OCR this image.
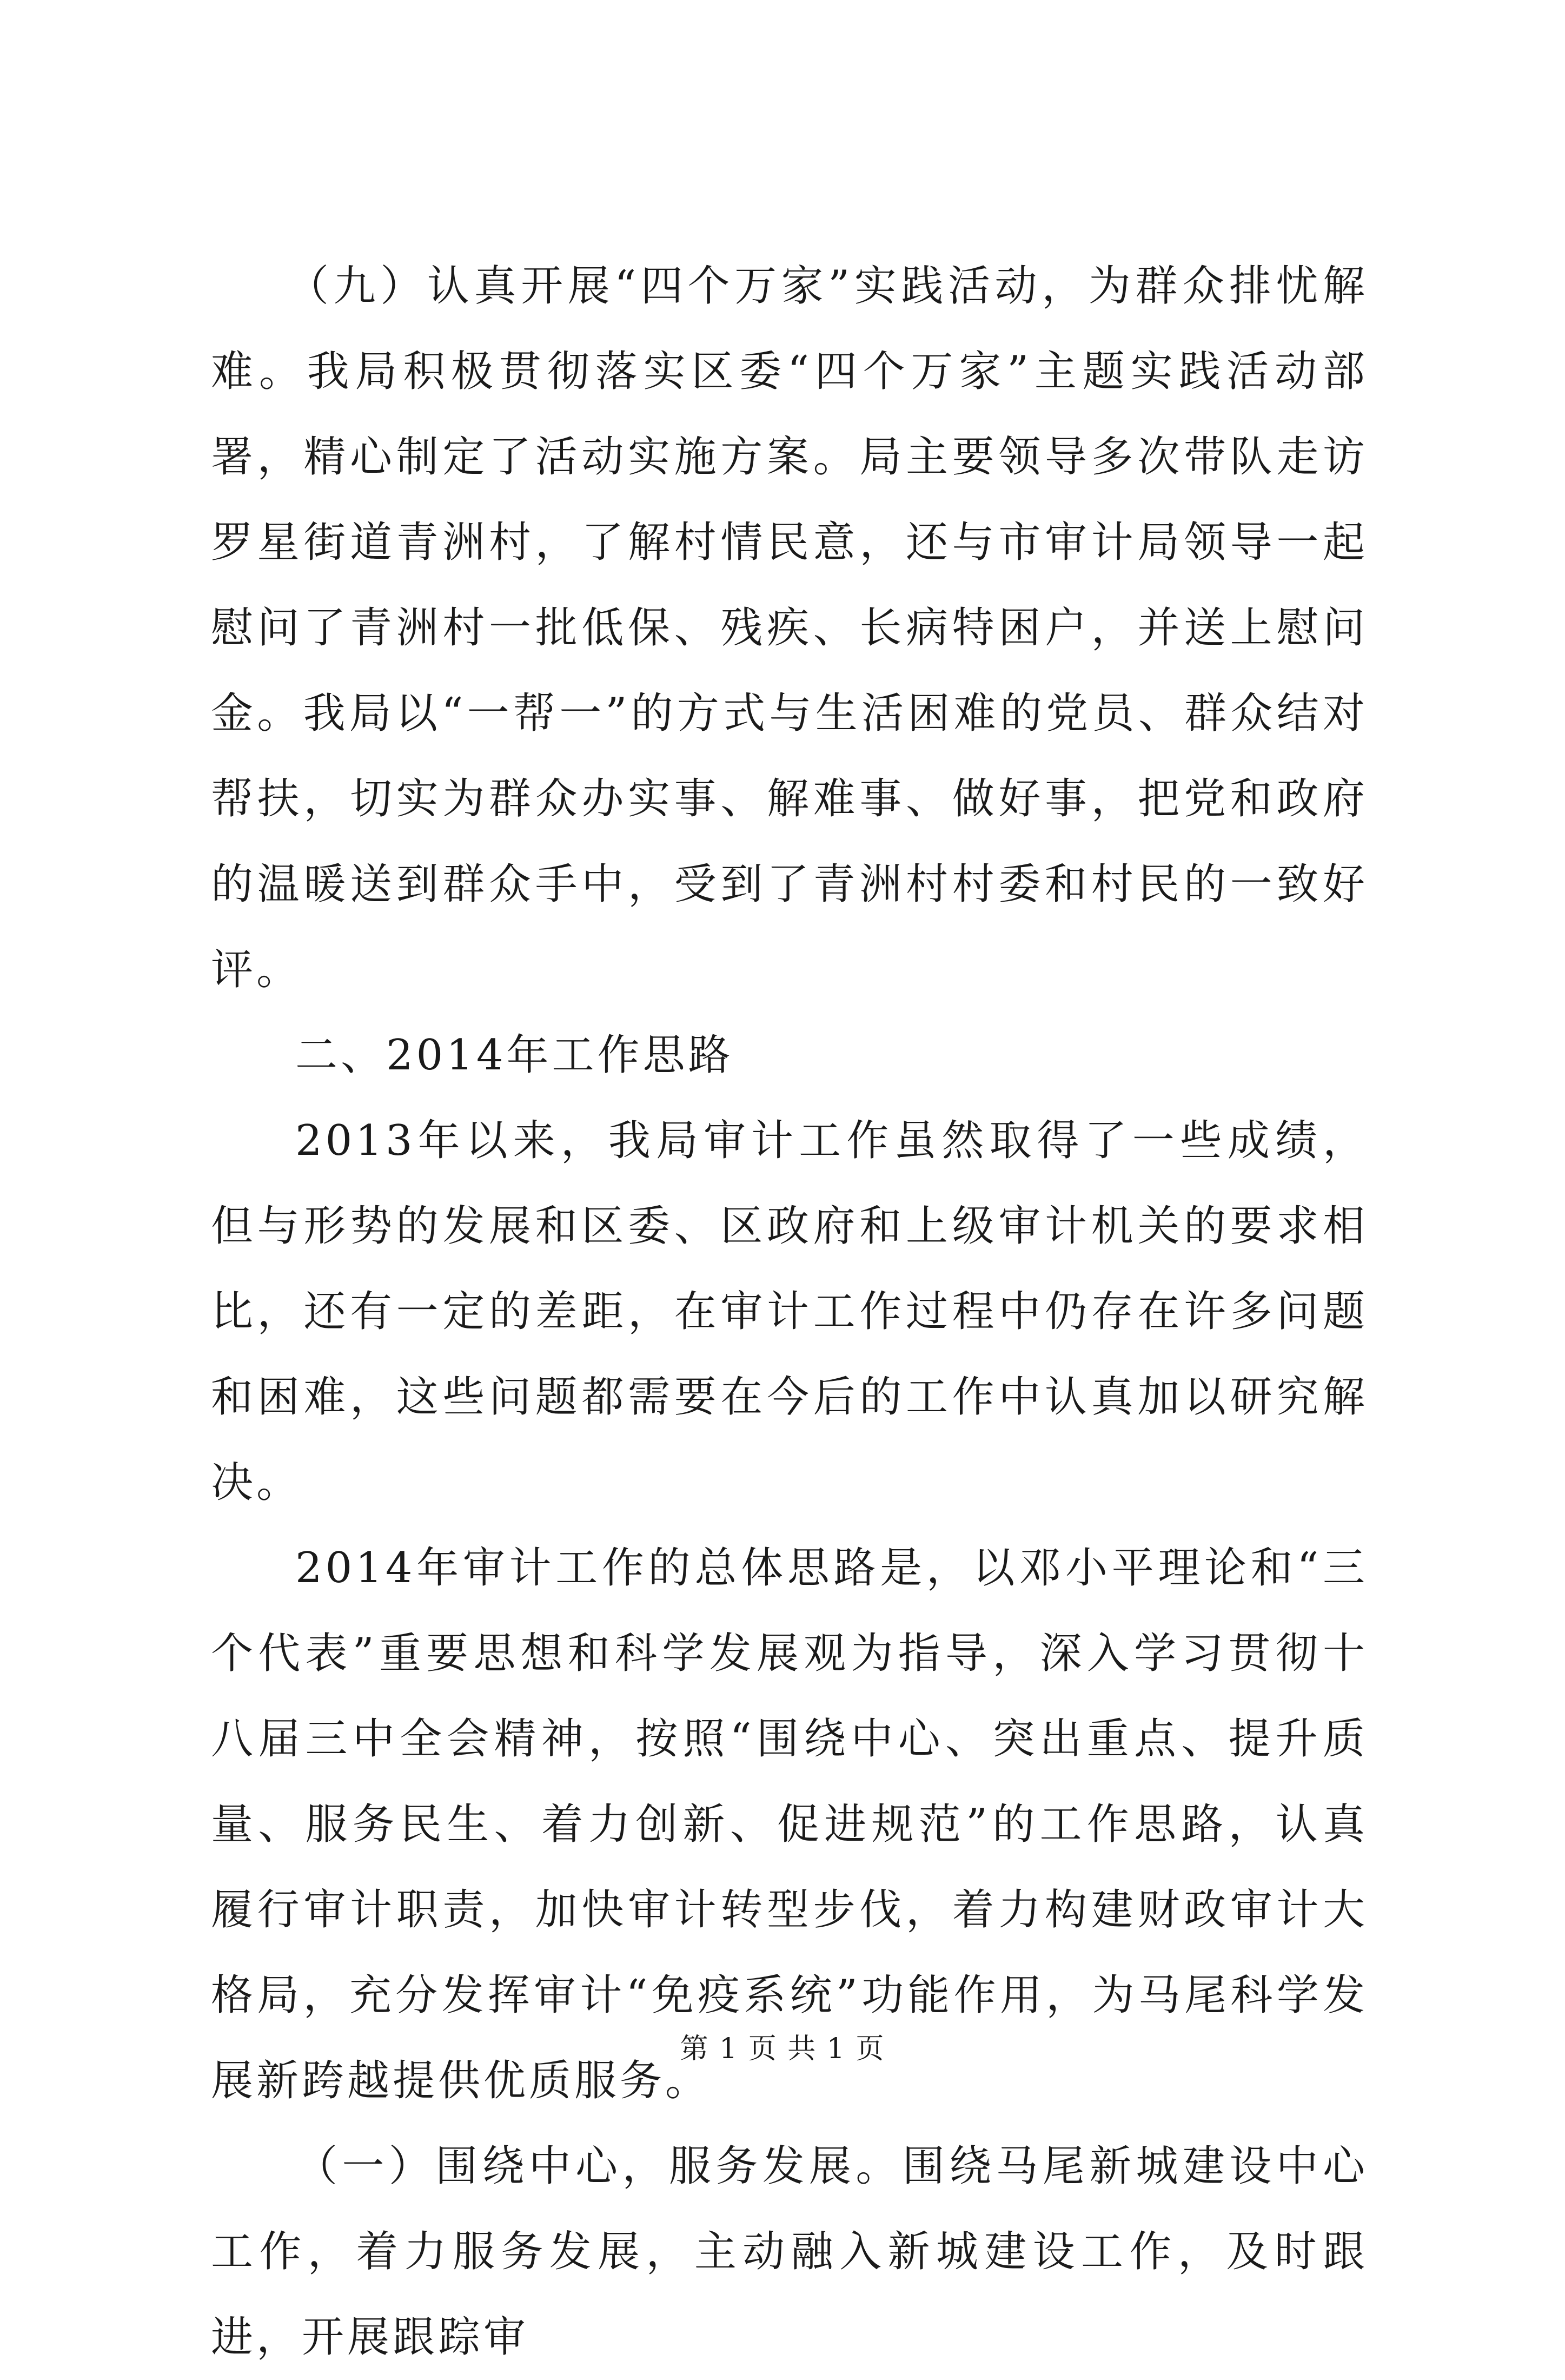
（九）认真开展“四个万家”实践活动，为群众排忧解难。我局积极贯彻落实区委“四个万家”主题实践活动部署，精心制定了活动实施方案。局主要领导多次带队走访罗星街道青洲村，了解村情民意，还与市审计局领导一起慰问了青洲村一批低保、残疾、长病特困户，并送上慰问金。我局以“一帮一”的方式与生活困难的党员、群众结对帮扶，切实为群众办实事、解难事、做好事，把党和政府的温暖送到群众手中，受到了青洲村村委和村民的一致好评。

二、2014年工作思路

2013年以来，我局审计工作虽然取得了一些成绩，但与形势的发展和区委、区政府和上级审计机关的要求相比，还有一定的差距，在审计工作过程中仍存在许多问题和困难，这些问题都需要在今后的工作中认真加以研究解决。

2014年审计工作的总体思路是，以邓小平理论和“三个代表”重要思想和科学发展观为指导，深入学习贯彻十八届三中全会精神，按照“围绕中心、突出重点、提升质量、服务民生、着力创新、促进规范”的工作思路，认真履行审计职责，加快审计转型步伐，着力构建财政审计大格局，充分发挥审计“免疫系统”功能作用，为马尾科学发展新跨越提供优质服务。

（一）围绕中心，服务发展。围绕马尾新城建设中心工作，着力服务发展，主动融入新城建设工作，及时跟进，开展跟踪审

第 1 页 共 1 页
